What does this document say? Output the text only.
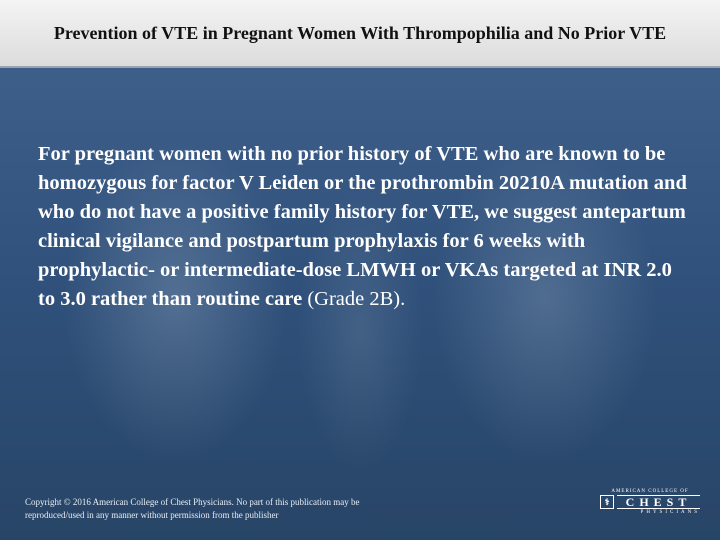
Prevention of VTE in Pregnant Women With Thrompophilia and No Prior VTE

For pregnant women with no prior history of VTE who are known to be homozygous for factor V Leiden or the prothrombin 20210A mutation and who do not have a positive family history for VTE, we suggest antepartum clinical vigilance and postpartum prophylaxis for 6 weeks with prophylactic- or intermediate-dose LMWH or VKAs targeted at INR 2.0 to 3.0 rather than routine care (Grade 2B).

Copyright © 2016 American College of Chest Physicians. No part of this publication may be reproduced/used in any manner without permission from the publisher

AMERICAN COLLEGE OF
⚕	CHEST
PHYSICIANS
